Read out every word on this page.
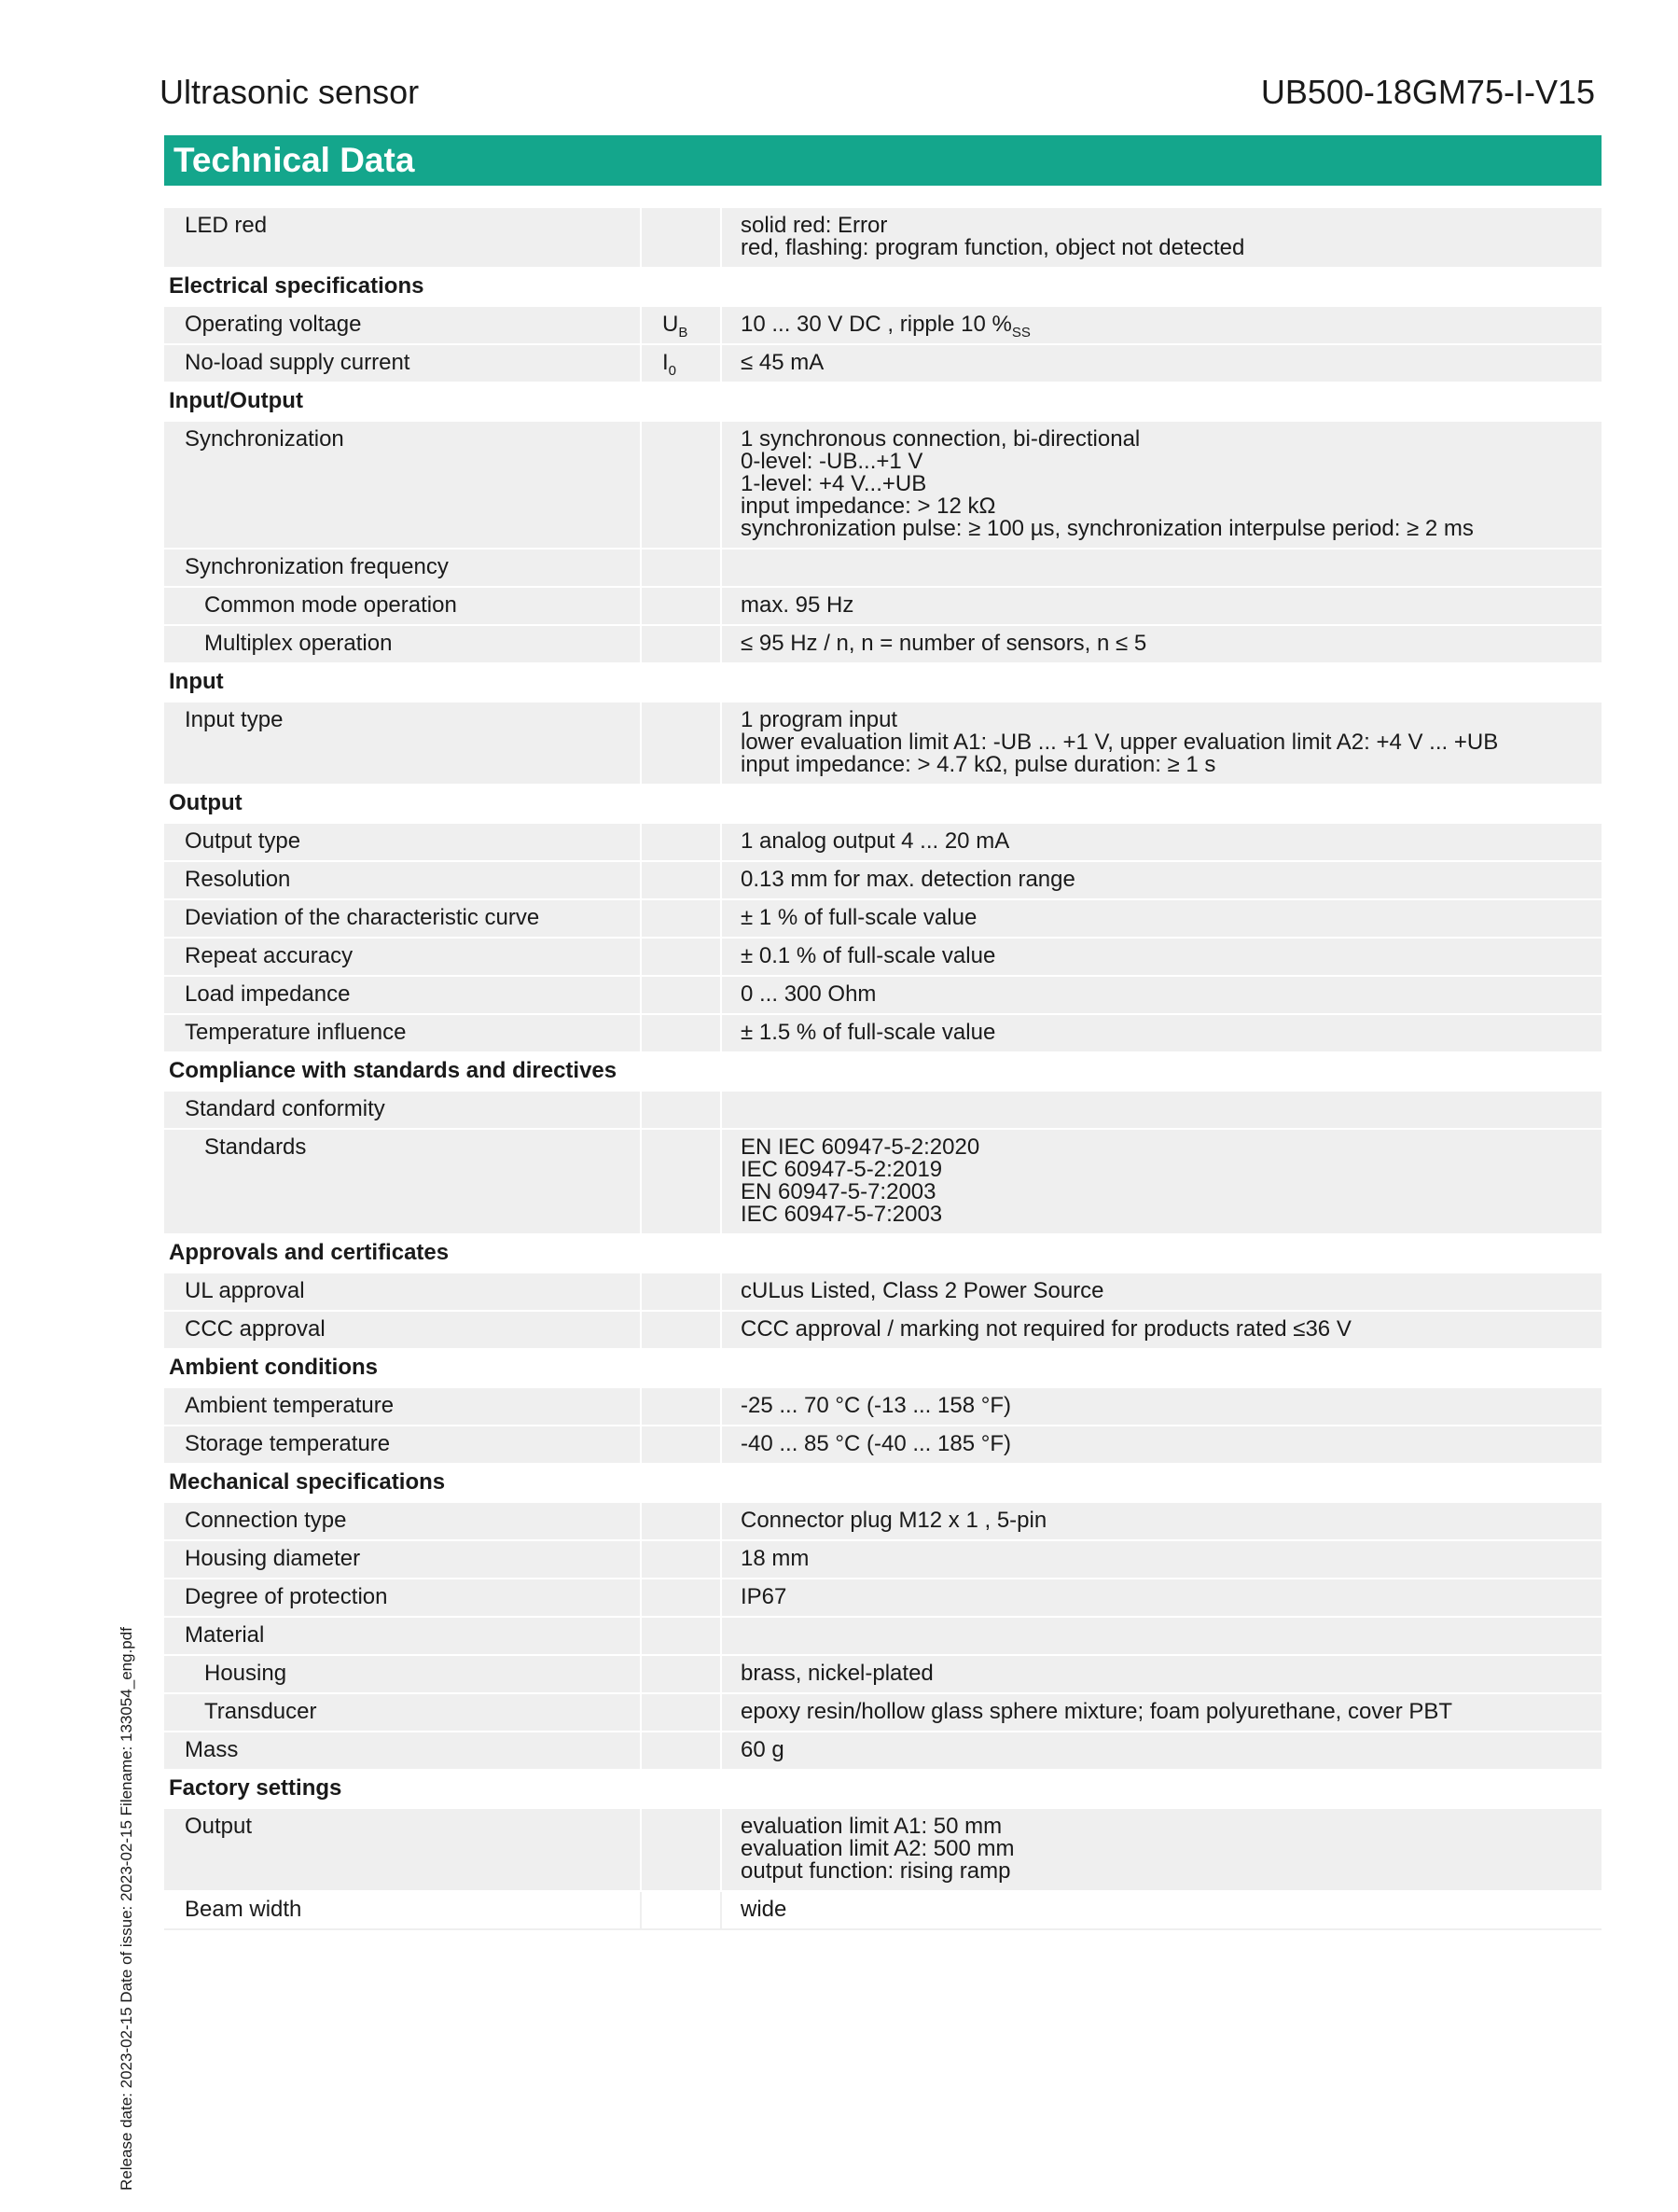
Ultrasonic sensor	UB500-18GM75-I-V15
Technical Data
LED red	solid red: Error
red, flashing: program function, object not detected
Electrical specifications
Operating voltage	$U_B$	10 ... 30 V DC , ripple 10 $\%_{SS}$
No-load supply current	$I_0$	≤ 45 mA
Input/Output
Synchronization	1 synchronous connection, bi-directional
0-level: -UB...+1 V
1-level: +4 V...+UB
input impedance: > 12 kΩ
synchronization pulse: ≥ 100 µs, synchronization interpulse period: ≥ 2 ms
Synchronization frequency

Common mode operation	max. 95 Hz
Multiplex operation	≤ 95 Hz / n, n = number of sensors, n ≤ 5
Input
Input type	1 program input
lower evaluation limit A1: -UB ... +1 V, upper evaluation limit A2: +4 V ... +UB
input impedance: > 4.7 kΩ, pulse duration: ≥ 1 s
Output
Output type	1 analog output 4 ... 20 mA
Resolution	0.13 mm for max. detection range
Deviation of the characteristic curve	± 1 % of full-scale value
Repeat accuracy	± 0.1 % of full-scale value
Load impedance	0 ... 300 Ohm
Temperature influence	± 1.5 % of full-scale value
Compliance with standards and directives
Standard conformity

Standards	EN IEC 60947-5-2:2020
IEC 60947-5-2:2019
EN 60947-5-7:2003
IEC 60947-5-7:2003
Approvals and certificates
UL approval	cULus Listed, Class 2 Power Source
CCC approval	CCC approval / marking not required for products rated ≤36 V
Ambient conditions
Ambient temperature	-25 ... 70 °C (-13 ... 158 °F)
Storage temperature	-40 ... 85 °C (-40 ... 185 °F)
Mechanical specifications
Connection type	Connector plug M12 x 1 , 5-pin
Housing diameter	18 mm
Degree of protection	IP67
Material

Housing	brass, nickel-plated
Transducer	epoxy resin/hollow glass sphere mixture; foam polyurethane, cover PBT
Mass	60 g
Factory settings
Output	evaluation limit A1: 50 mm
evaluation limit A2: 500 mm
output function: rising ramp
Beam width	wide
Release date: 2023-02-15 Date of issue: 2023-02-15 Filename: 133054_eng.pdf
